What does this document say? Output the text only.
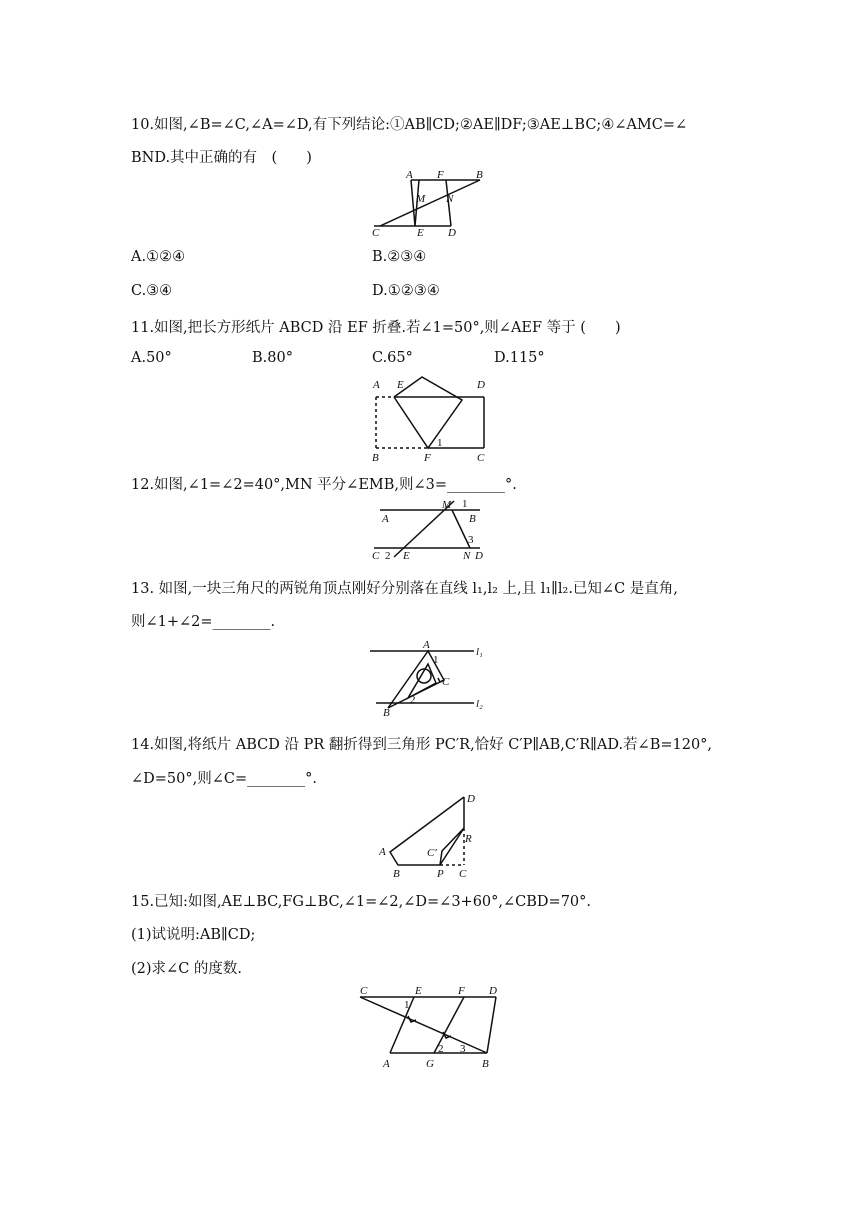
10.如图,∠B=∠C,∠A=∠D,有下列结论:①AB∥CD;②AE∥DF;③AE⊥BC;④∠AMC=∠
BND.其中正确的有　(　　)
A F	B
M N
C	E D
A.①②④	B.②③④
C.③④	D.①②③④
11.如图,把长方形纸片 ABCD 沿 EF 折叠.若∠1=50°,则∠AEF 等于 (　　)
A.50°	B.80°	C.65°	D.115°
A E	D
1
B	F	C
12.如图,∠1=∠2=40°,MN 平分∠EMB,则∠3=________°.
M 1
A	B
3
C 2 E	N D
13. 如图,一块三角尺的两锐角顶点刚好分别落在直线 l₁,l₂ 上,且 l₁∥l₂.已知∠C 是直角,
则∠1+∠2=________.
A
l₁
1
C
B
2	l₂
14.如图,将纸片 ABCD 沿 PR 翻折得到三角形 PC′R,恰好 C′P∥AB,C′R∥AD.若∠B=120°,
∠D=50°,则∠C=________°.
D
R
A	C′
B	P C
15.已知:如图,AE⊥BC,FG⊥BC,∠1=∠2,∠D=∠3+60°,∠CBD=70°.
(1)试说明:AB∥CD;
(2)求∠C 的度数.
C	E	F D
1
2 3
A	G	B
